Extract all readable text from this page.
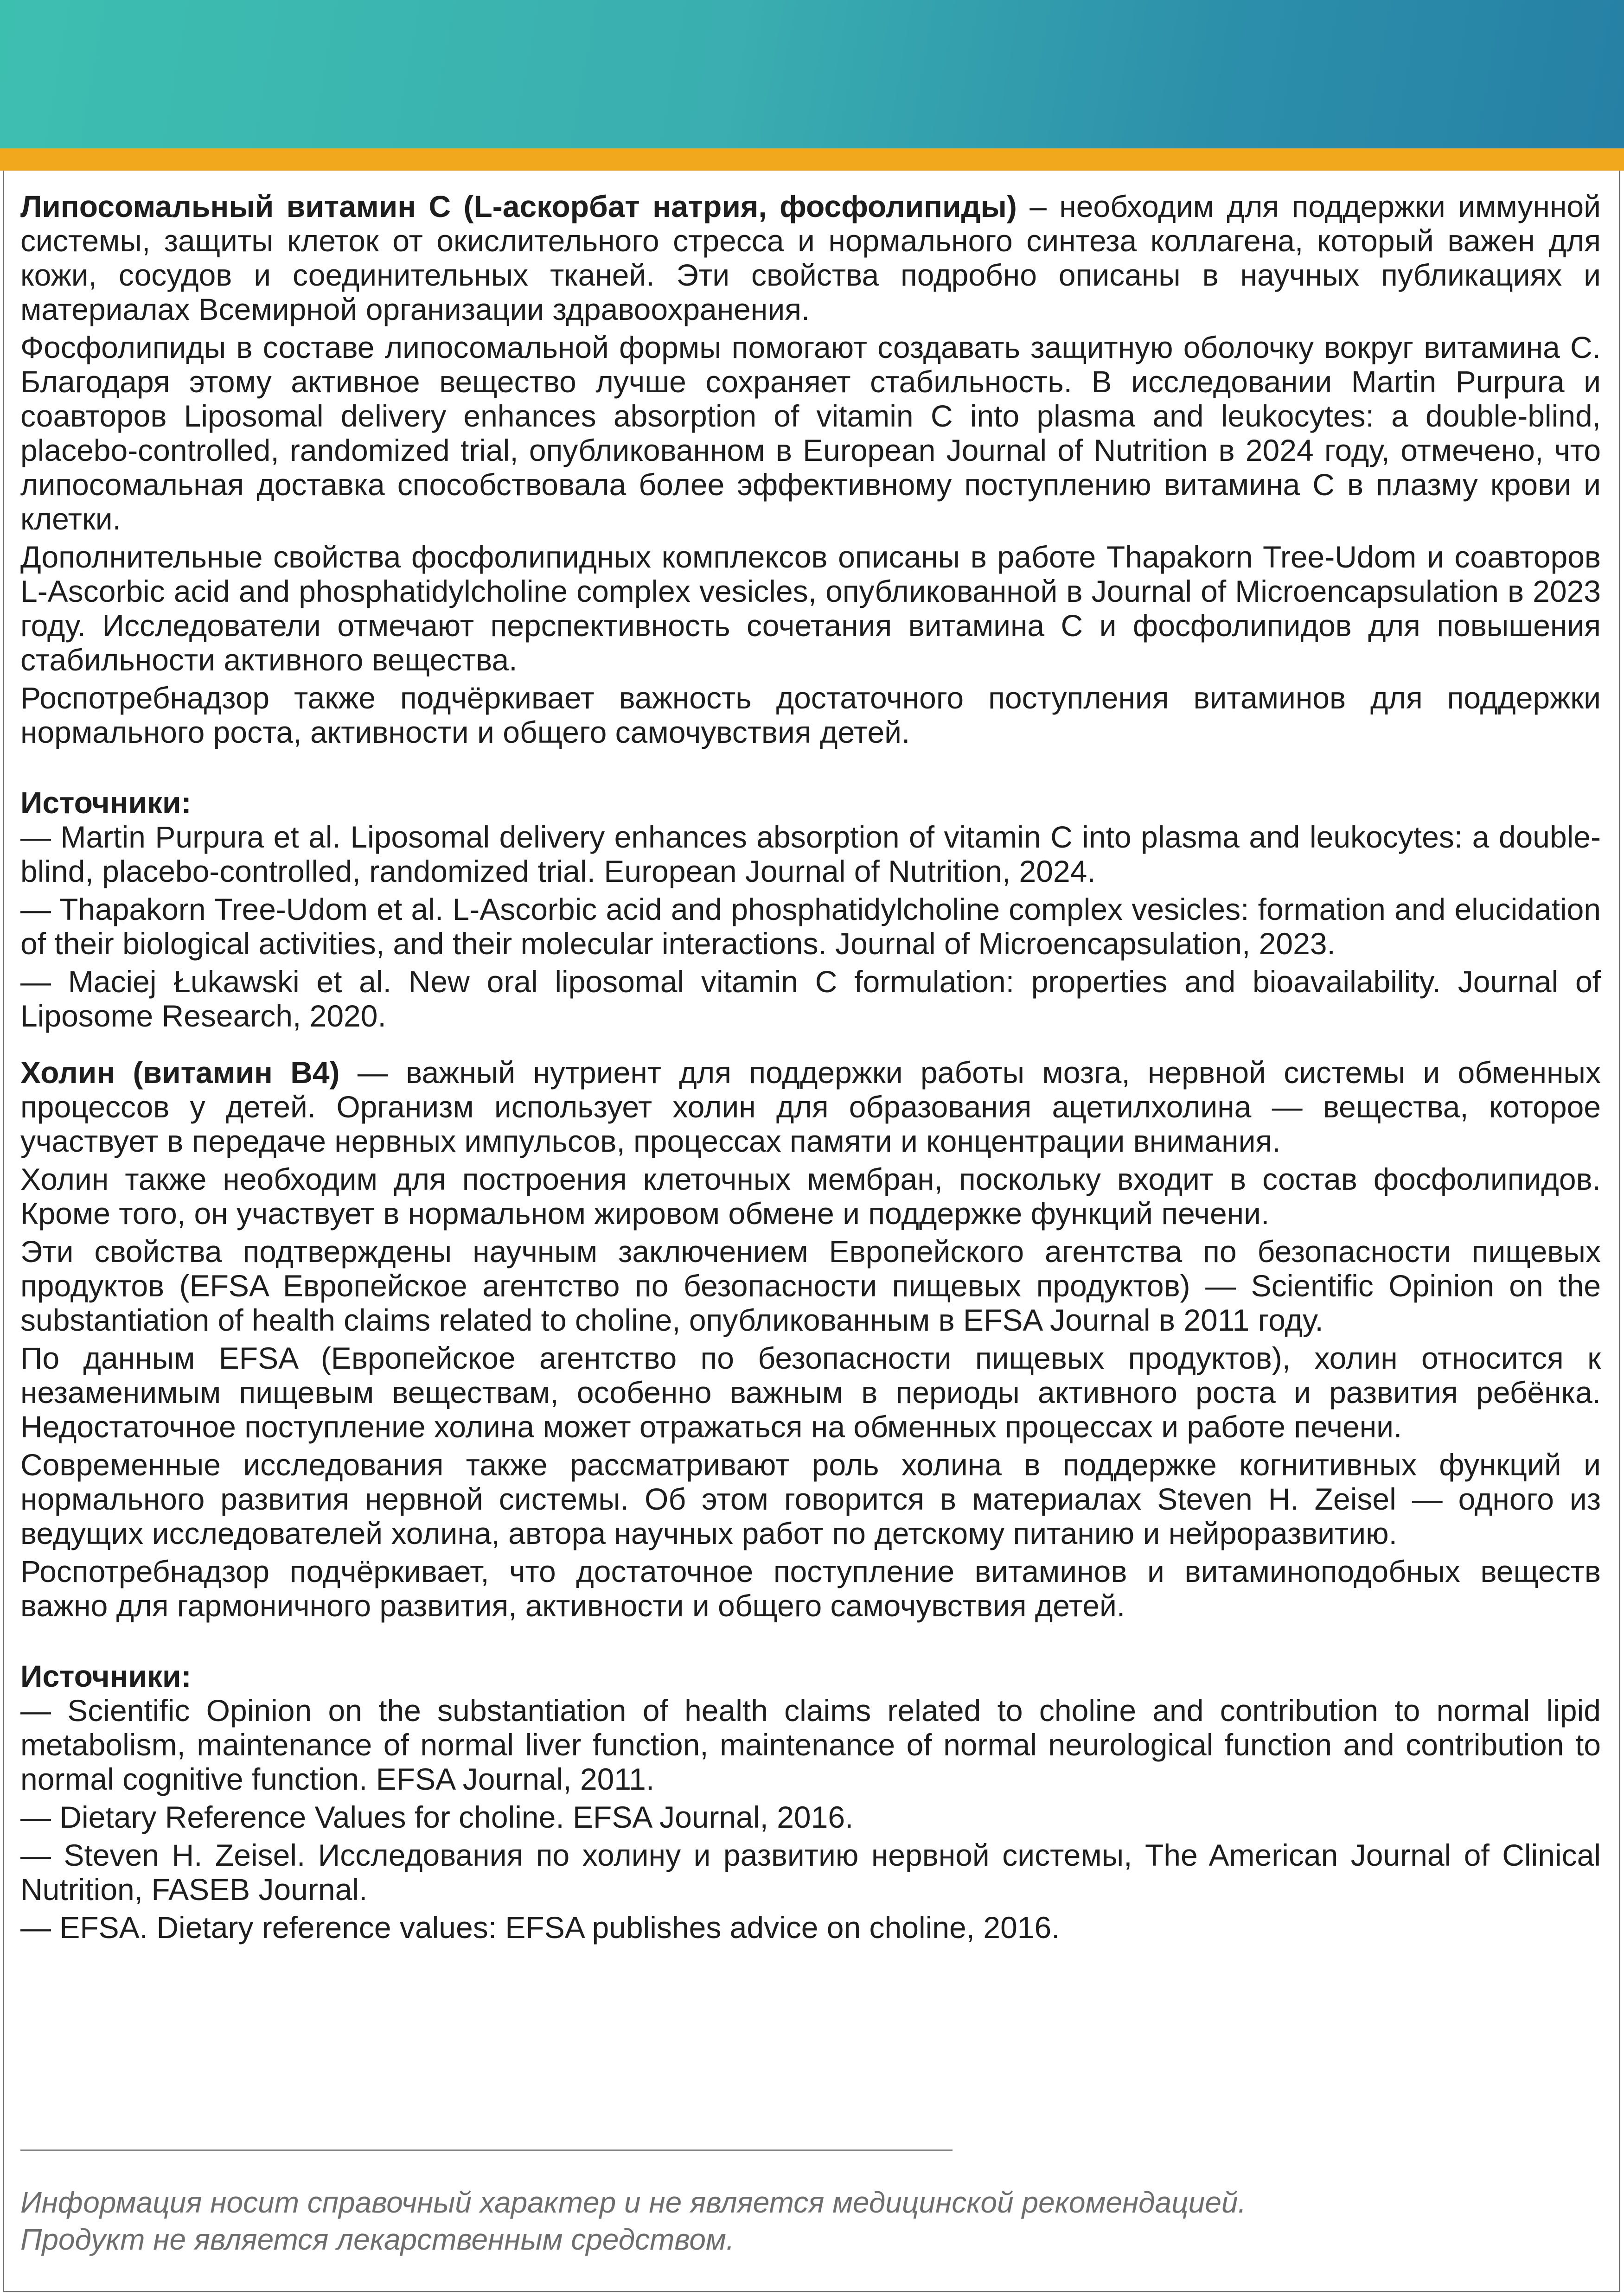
Липосомальный витамин С (L-аскорбат натрия, фосфолипиды) – необходим для поддержки иммунной системы, защиты клеток от окислительного стресса и нормального синтеза коллагена, который важен для кожи, сосудов и соединительных тканей. Эти свойства подробно описаны в научных публикациях и материалах Всемирной организации здравоохранения.

Фосфолипиды в составе липосомальной формы помогают создавать защитную оболочку вокруг витамина С. Благодаря этому активное вещество лучше сохраняет стабильность. В исследовании Martin Purpura и соавторов Liposomal delivery enhances absorption of vitamin C into plasma and leukocytes: a double-blind, placebo-controlled, randomized trial, опубликованном в European Journal of Nutrition в 2024 году, отмечено, что липосомальная доставка способствовала более эффективному поступлению витамина С в плазму крови и клетки.

Дополнительные свойства фосфолипидных комплексов описаны в работе Thapakorn Tree-Udom и соавторов L-Ascorbic acid and phosphatidylcholine complex vesicles, опубликованной в Journal of Microencapsulation в 2023 году. Исследователи отмечают перспективность сочетания витамина С и фосфолипидов для повышения стабильности активного вещества.

Роспотребнадзор также подчёркивает важность достаточного поступления витаминов для поддержки нормального роста, активности и общего самочувствия детей.

Источники:

— Martin Purpura et al. Liposomal delivery enhances absorption of vitamin C into plasma and leukocytes: a double-blind, placebo-controlled, randomized trial. European Journal of Nutrition, 2024.

— Thapakorn Tree-Udom et al. L-Ascorbic acid and phosphatidylcholine complex vesicles: formation and elucidation of their biological activities, and their molecular interactions. Journal of Microencapsulation, 2023.

— Maciej Łukawski et al. New oral liposomal vitamin C formulation: properties and bioavailability. Journal of Liposome Research, 2020.

Холин (витамин В4) — важный нутриент для поддержки работы мозга, нервной системы и обменных процессов у детей. Организм использует холин для образования ацетилхолина — вещества, которое участвует в передаче нервных импульсов, процессах памяти и концентрации внимания.

Холин также необходим для построения клеточных мембран, поскольку входит в состав фосфолипидов. Кроме того, он участвует в нормальном жировом обмене и поддержке функций печени.

Эти свойства подтверждены научным заключением Европейского агентства по безопасности пищевых продуктов (EFSA Европейское агентство по безопасности пищевых продуктов) — Scientific Opinion on the substantiation of health claims related to choline, опубликованным в EFSA Journal в 2011 году.

По данным EFSA (Европейское агентство по безопасности пищевых продуктов), холин относится к незаменимым пищевым веществам, особенно важным в периоды активного роста и развития ребёнка. Недостаточное поступление холина может отражаться на обменных процессах и работе печени.

Современные исследования также рассматривают роль холина в поддержке когнитивных функций и нормального развития нервной системы. Об этом говорится в материалах Steven H. Zeisel — одного из ведущих исследователей холина, автора научных работ по детскому питанию и нейроразвитию.

Роспотребнадзор подчёркивает, что достаточное поступление витаминов и витаминоподобных веществ важно для гармоничного развития, активности и общего самочувствия детей.

Источники:

— Scientific Opinion on the substantiation of health claims related to choline and contribution to normal lipid metabolism, maintenance of normal liver function, maintenance of normal neurological function and contribution to normal cognitive function. EFSA Journal, 2011.

— Dietary Reference Values for choline. EFSA Journal, 2016.

— Steven H. Zeisel. Исследования по холину и развитию нервной системы, The American Journal of Clinical Nutrition, FASEB Journal.

— EFSA. Dietary reference values: EFSA publishes advice on choline, 2016.

Информация носит справочный характер и не является медицинской рекомендацией.

Продукт не является лекарственным средством.
